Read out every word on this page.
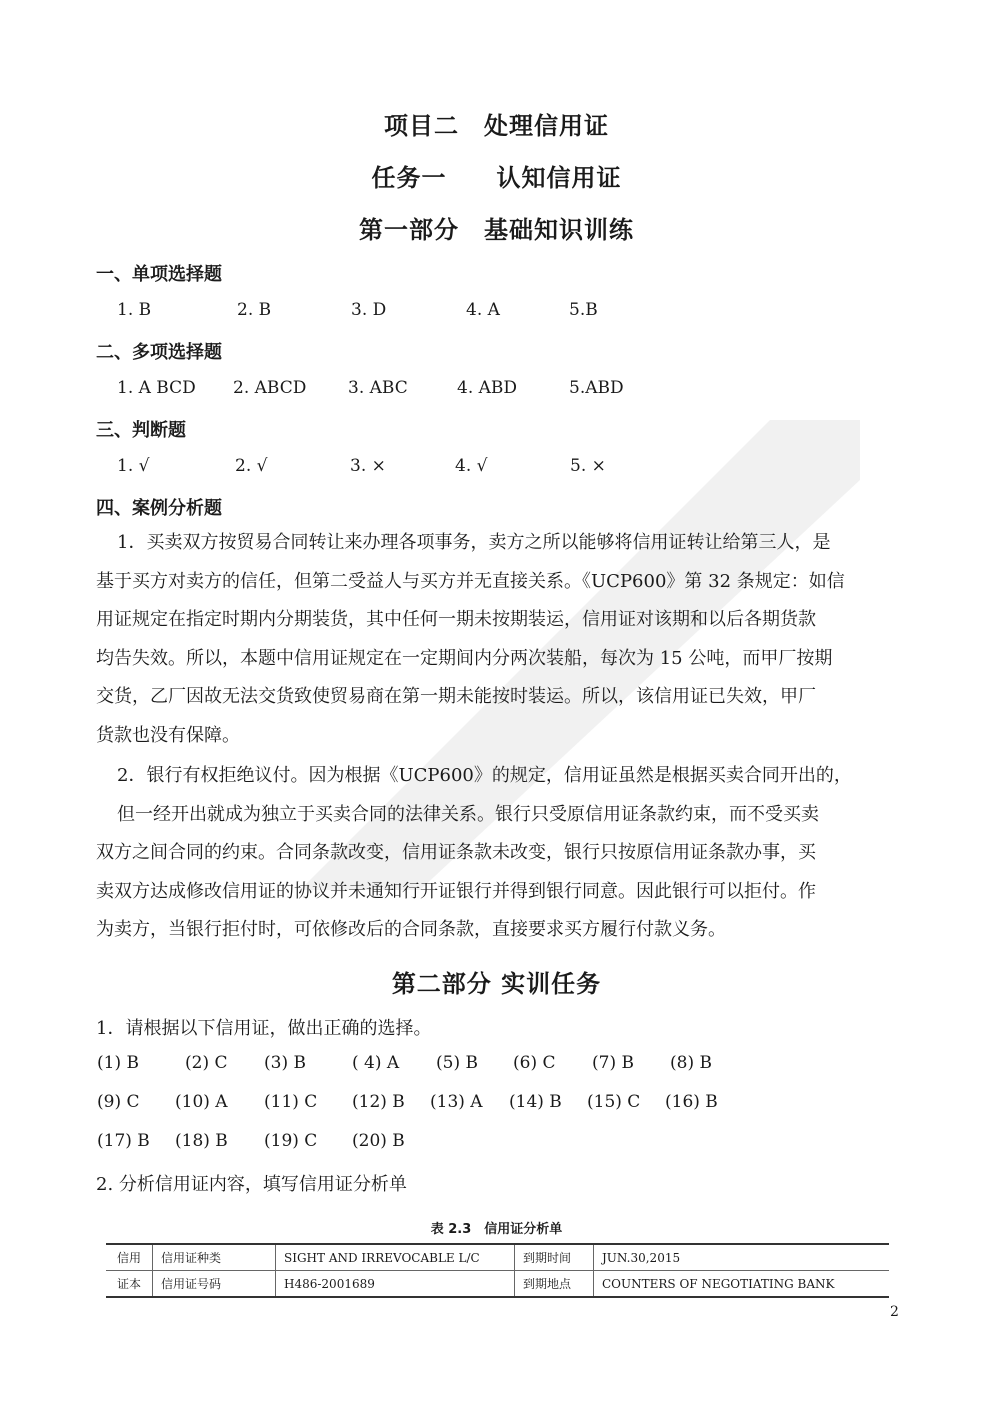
项目二　处理信用证
任务一　　认知信用证
第一部分　基础知识训练
一、单项选择题
1. B	2. B	3. D	4. A	5.B
二、多项选择题
1. A BCD 2. ABCD 3. ABC	4. ABD	5.ABD
三、判断题
1. √	2. √	3. ×	4. √	5. ×
四、案例分析题
1．买卖双方按贸易合同转让来办理各项事务，卖方之所以能够将信用证转让给第三人，是
基于买方对卖方的信任，但第二受益人与买方并无直接关系。《UCP600》第 32 条规定：如信
用证规定在指定时期内分期装货，其中任何一期未按期装运，信用证对该期和以后各期货款
均告失效。所以，本题中信用证规定在一定期间内分两次装船，每次为 15 公吨，而甲厂按期
交货，乙厂因故无法交货致使贸易商在第一期未能按时装运。所以，该信用证已失效，甲厂
货款也没有保障。
2．银行有权拒绝议付。因为根据《UCP600》的规定，信用证虽然是根据买卖合同开出的，
但一经开出就成为独立于买卖合同的法律关系。银行只受原信用证条款约束，而不受买卖
双方之间合同的约束。合同条款改变，信用证条款未改变，银行只按原信用证条款办事，买
卖双方达成修改信用证的协议并未通知行开证银行并得到银行同意。因此银行可以拒付。作
为卖方，当银行拒付时，可依修改后的合同条款，直接要求买方履行付款义务。
第二部分 实训任务
1．请根据以下信用证，做出正确的选择。
(1) B	(2) C (3) B	( 4) A (5) B (6) C (7) B (8) B
(9) C (10) A (11) C (12) B (13) A (14) B (15) C (16) B
(17) B (18) B (19) C (20) B
2. 分析信用证内容，填写信用证分析单
表 2.3　信用证分析单
信用	信用证种类	SIGHT AND IRREVOCABLE L/C	到期时间	JUN.30,2015
证本	信用证号码	H486-2001689	到期地点	COUNTERS OF NEGOTIATING BANK
2
